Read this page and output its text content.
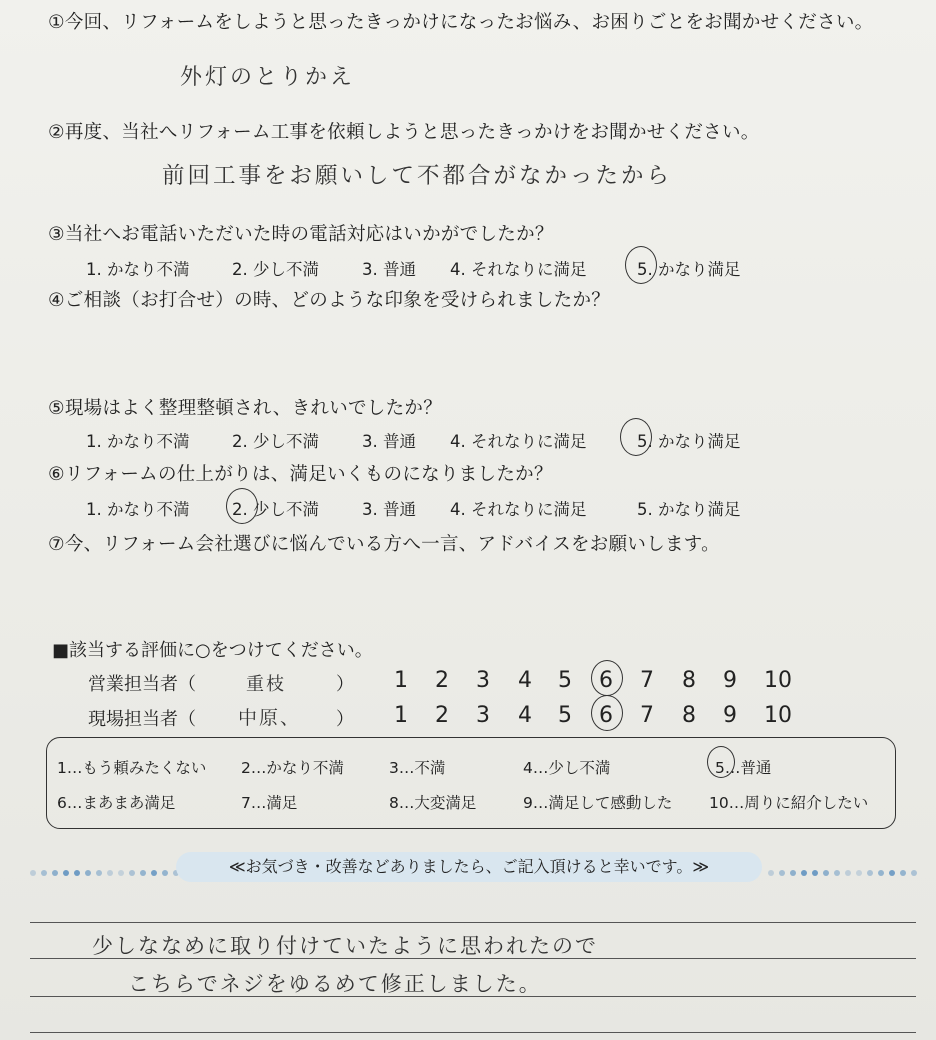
①今回、リフォームをしようと思ったきっかけになったお悩み、お困りごとをお聞かせください。
外灯のとりかえ
②再度、当社へリフォーム工事を依頼しようと思ったきっかけをお聞かせください。
前回工事をお願いして不都合がなかったから
③当社へお電話いただいた時の電話対応はいかがでしたか？
1. かなり不満	2. 少し不満	3. 普通 4. それなりに満足	5. かなり満足
④ご相談（お打合せ）の時、どのような印象を受けられましたか？
⑤現場はよく整理整頓され、きれいでしたか？
1. かなり不満	2. 少し不満	3. 普通 4. それなりに満足	5. かなり満足
⑥リフォームの仕上がりは、満足いくものになりましたか？
1. かなり不満	2. 少し不満	3. 普通 4. それなりに満足	5. かなり満足
⑦今、リフォーム会社選びに悩んでいる方へ一言、アドバイスをお願いします。
■該当する評価に○をつけてください。
営業担当者（	重枝	） 1 2 3 4 5 6 7 8 9 10
現場担当者（ 中原、 ） 1 2 3 4 5 6 7 8 9 10
1…もう頼みたくない 2…かなり不満	3…不満	4…少し不満	5…普通
6…まあまあ満足	7…満足	8…大変満足	9…満足して感動した 10…周りに紹介したい
≪お気づき・改善などありましたら、ご記入頂けると幸いです。≫
少しななめに取り付けていたように思われたので
こちらでネジをゆるめて修正しました。
